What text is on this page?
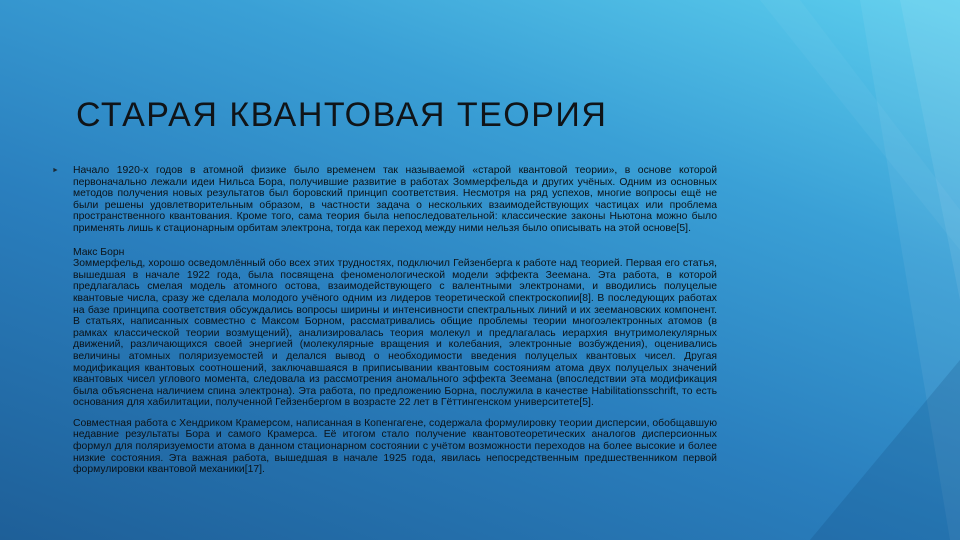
СТАРАЯ КВАНТОВАЯ ТЕОРИЯ
►	Начало 1920-х годов в атомной физике было временем так называемой «старой квантовой теории», в основе которой первоначально лежали идеи Нильса Бора, получившие развитие в работах Зоммерфельда и других учёных. Одним из основных методов получения новых результатов был боровский принцип соответствия. Несмотря на ряд успехов, многие вопросы ещё не были решены удовлетворительным образом, в частности задача о нескольких взаимодействующих частицах или проблема пространственного квантования. Кроме того, сама теория была непоследовательной: классические законы Ньютона можно было применять лишь к стационарным орбитам электрона, тогда как переход между ними нельзя было описывать на этой основе[5].

Макс Борн

Зоммерфельд, хорошо осведомлённый обо всех этих трудностях, подключил Гейзенберга к работе над теорией. Первая его статья, вышедшая в начале 1922 года, была посвящена феноменологической модели эффекта Зеемана. Эта работа, в которой предлагалась смелая модель атомного остова, взаимодействующего с валентными электронами, и вводились полуцелые квантовые числа, сразу же сделала молодого учёного одним из лидеров теоретической спектроскопии[8]. В последующих работах на базе принципа соответствия обсуждались вопросы ширины и интенсивности спектральных линий и их зеемановских компонент. В статьях, написанных совместно с Максом Борном, рассматривались общие проблемы теории многоэлектронных атомов (в рамках классической теории возмущений), анализировалась теория молекул и предлагалась иерархия внутримолекулярных движений, различающихся своей энергией (молекулярные вращения и колебания, электронные возбуждения), оценивались величины атомных поляризуемостей и делался вывод о необходимости введения полуцелых квантовых чисел. Другая модификация квантовых соотношений, заключавшаяся в приписывании квантовым состояниям атома двух полуцелых значений квантовых чисел углового момента, следовала из рассмотрения аномального эффекта Зеемана (впоследствии эта модификация была объяснена наличием спина электрона). Эта работа, по предложению Борна, послужила в качестве Habilitationsschrift, то есть основания для хабилитации, полученной Гейзенбергом в возрасте 22 лет в Гёттингенском университете[5].

Совместная работа с Хендриком Крамерсом, написанная в Копенгагене, содержала формулировку теории дисперсии, обобщавшую недавние результаты Бора и самого Крамерса. Её итогом стало получение квантовотеоретических аналогов дисперсионных формул для поляризуемости атома в данном стационарном состоянии с учётом возможности переходов на более высокие и более низкие состояния. Эта важная работа, вышедшая в начале 1925 года, явилась непосредственным предшественником первой формулировки квантовой механики[17].
